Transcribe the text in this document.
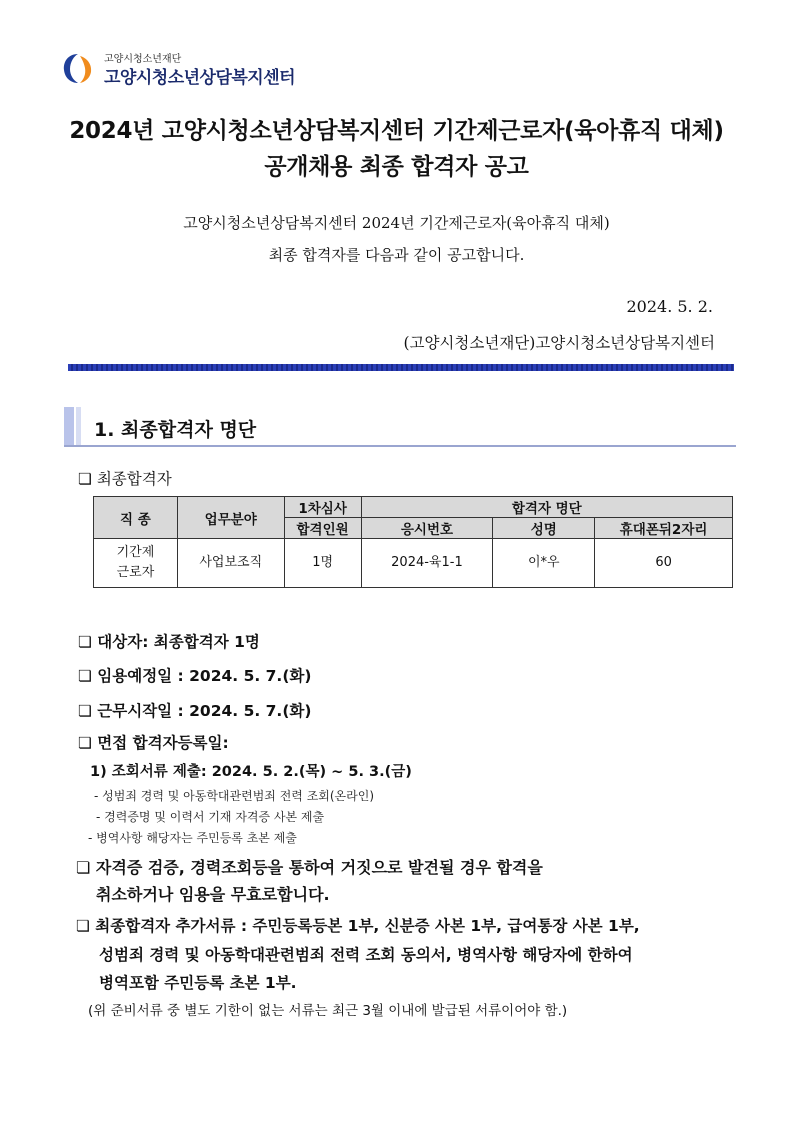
고양시청소년재단
고양시청소년상담복지센터
2024년 고양시청소년상담복지센터 기간제근로자(육아휴직 대체)
공개채용 최종 합격자 공고
고양시청소년상담복지센터 2024년 기간제근로자(육아휴직 대체)
최종 합격자를 다음과 같이 공고합니다.
2024. 5. 2.
(고양시청소년재단)고양시청소년상담복지센터
1. 최종합격자 명단
❏ 최종합격자
직 종	업무분야	1차심사	합격자 명단		
		합격인원	응시번호	성명	휴대폰뒤2자리

기간제
근로자	사업보조직	1명	2024-육1-1	이*우	60
❏ 대상자: 최종합격자 1명
❏ 임용예정일 : 2024. 5. 7.(화)
❏ 근무시작일 : 2024. 5. 7.(화)
❏ 면접 합격자등록일:
1) 조회서류 제출: 2024. 5. 2.(목) ~ 5. 3.(금)
- 성범죄 경력 및 아동학대관련범죄 전력 조회(온라인)
- 경력증명 및 이력서 기재 자격증 사본 제출
- 병역사항 해당자는 주민등록 초본 제출
❏ 자격증 검증, 경력조회등을 통하여 거짓으로 발견될 경우 합격을
취소하거나 임용을 무효로합니다.
❏ 최종합격자 추가서류 : 주민등록등본 1부, 신분증 사본 1부, 급여통장 사본 1부,
성범죄 경력 및 아동학대관련범죄 전력 조회 동의서, 병역사항 해당자에 한하여
병역포함 주민등록 초본 1부.
(위 준비서류 중 별도 기한이 없는 서류는 최근 3월 이내에 발급된 서류이어야 함.)
